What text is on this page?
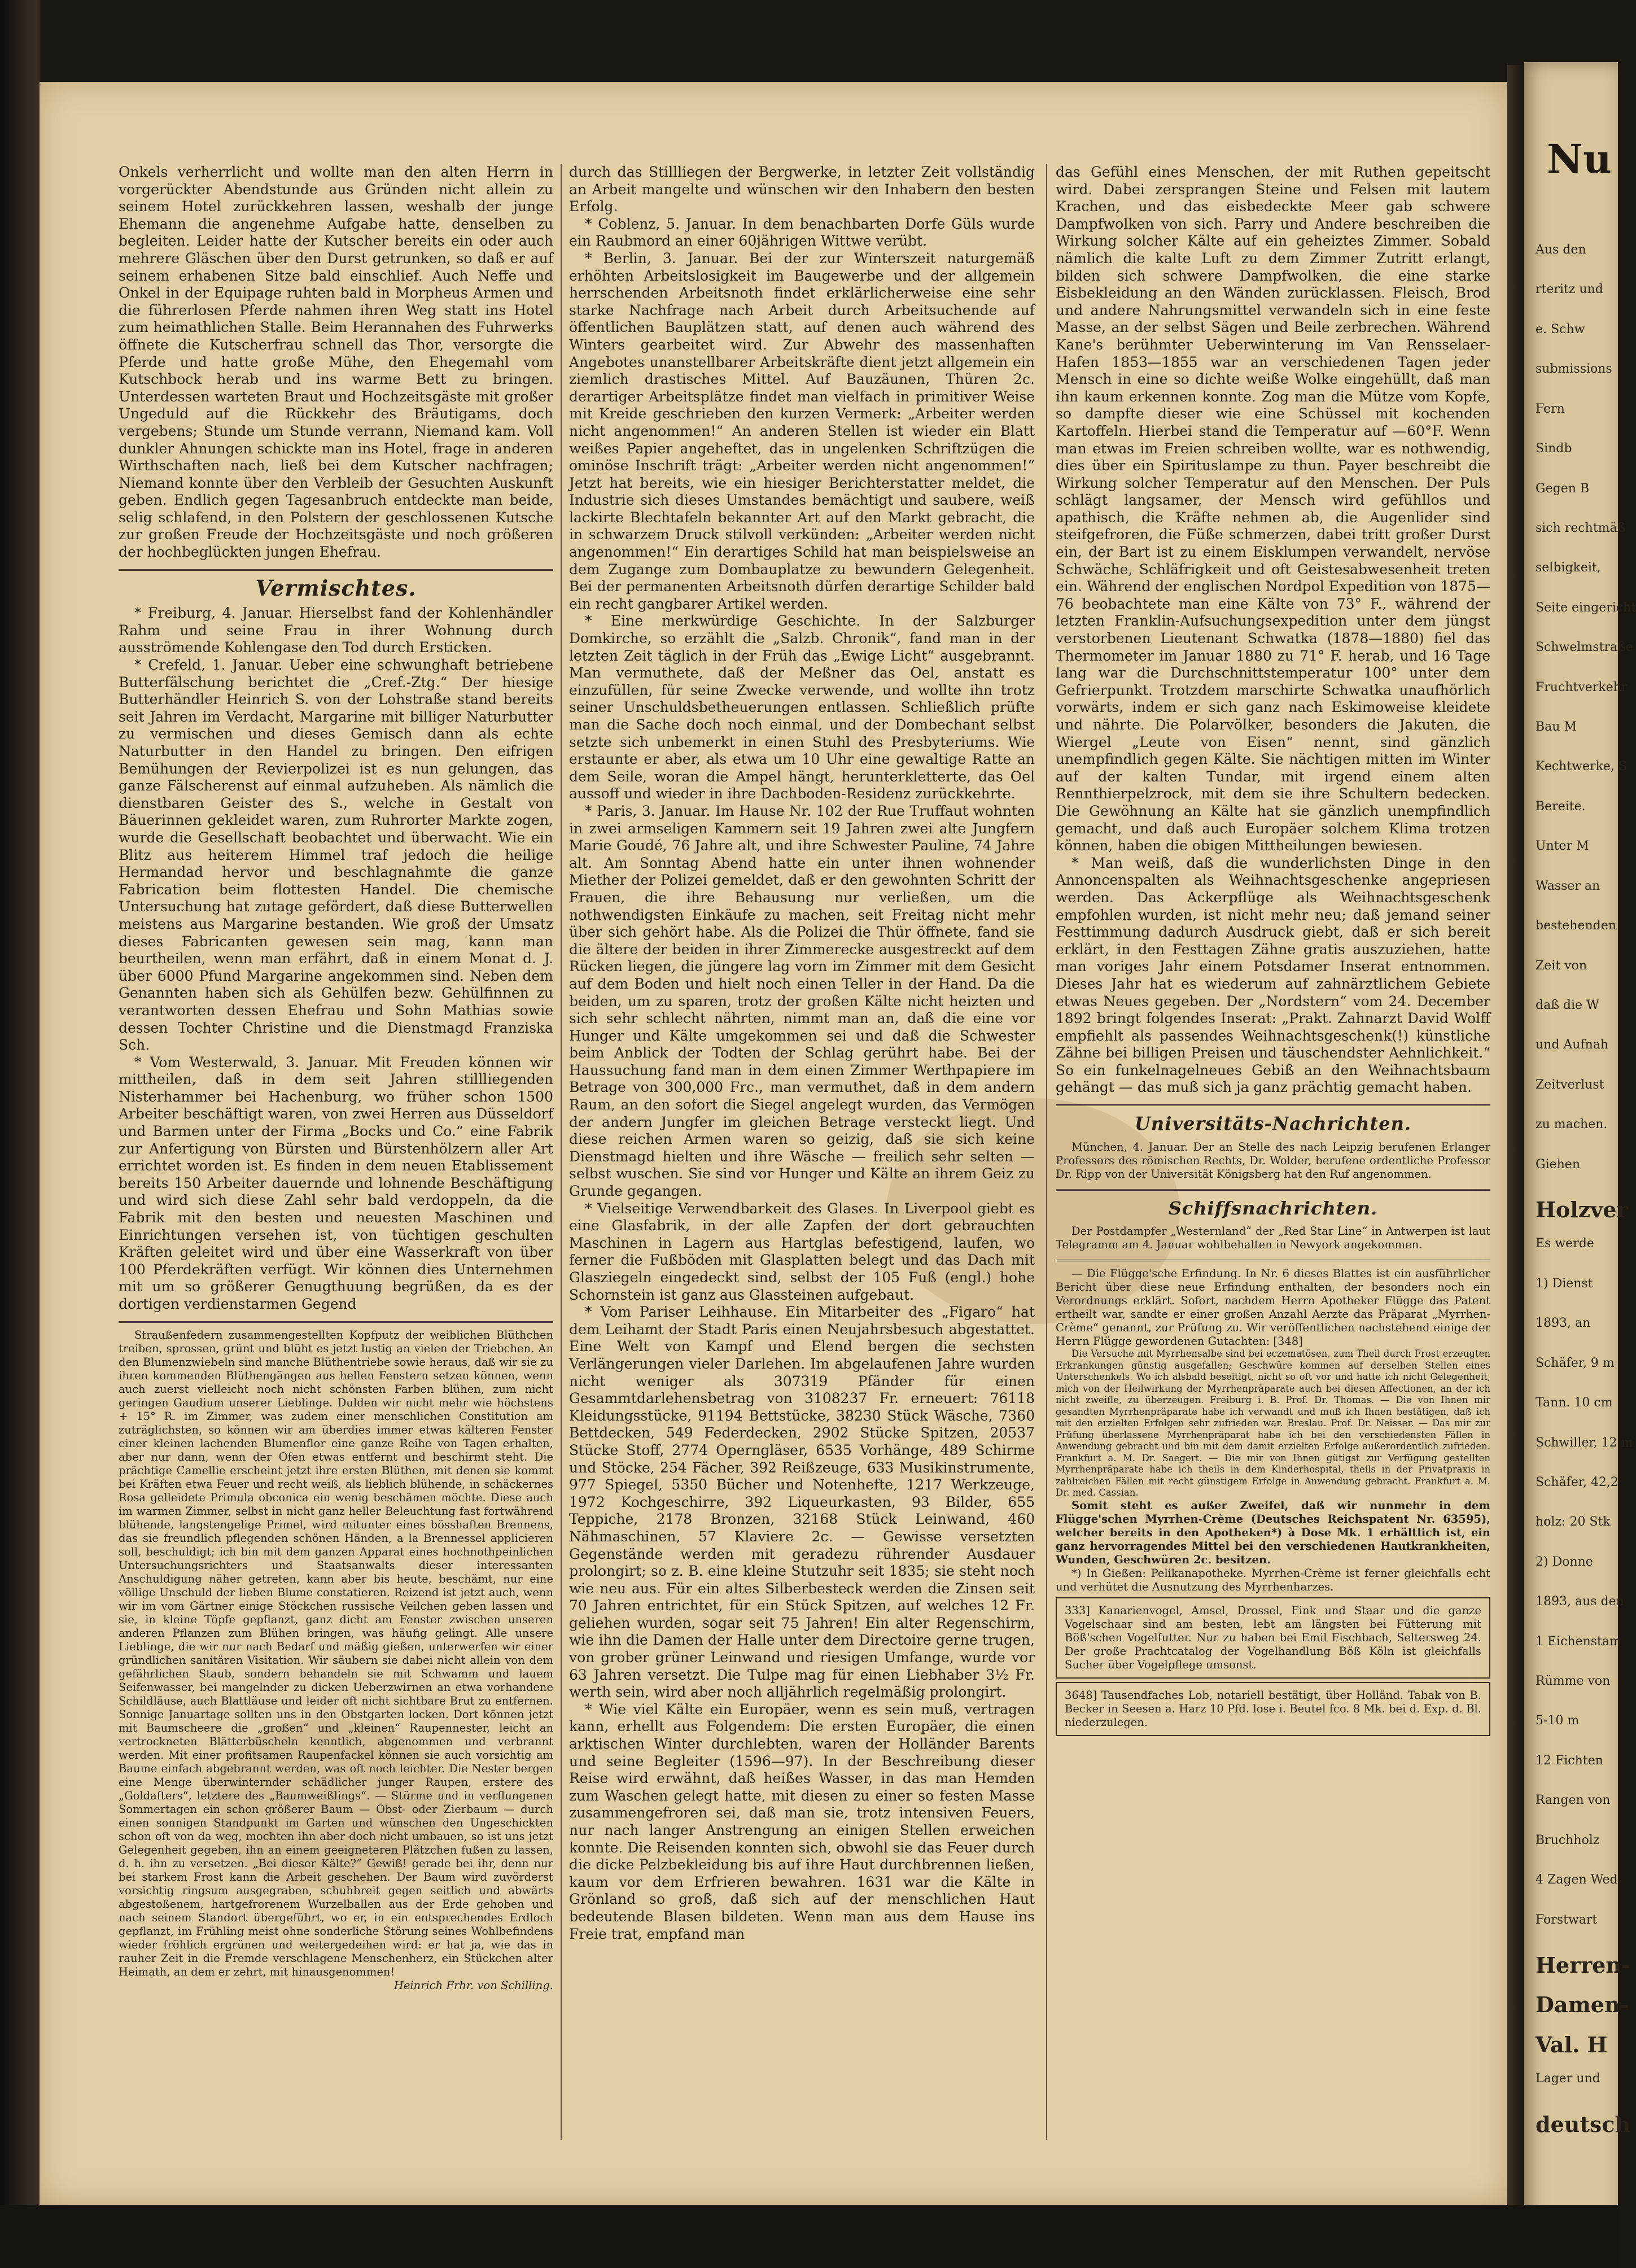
Onkels verherrlicht und wollte man den alten Herrn in vorgerückter Abendstunde aus Gründen nicht allein zu seinem Hotel zurückkehren lassen, weshalb der junge Ehemann die angenehme Aufgabe hatte, denselben zu begleiten. Leider hatte der Kutscher bereits ein oder auch mehrere Gläschen über den Durst getrunken, so daß er auf seinem erhabenen Sitze bald einschlief. Auch Neffe und Onkel in der Equipage ruhten bald in Morpheus Armen und die führerlosen Pferde nahmen ihren Weg statt ins Hotel zum heimathlichen Stalle. Beim Herannahen des Fuhrwerks öffnete die Kutscherfrau schnell das Thor, versorgte die Pferde und hatte große Mühe, den Ehegemahl vom Kutschbock herab und ins warme Bett zu bringen. Unterdessen warteten Braut und Hochzeitsgäste mit großer Ungeduld auf die Rückkehr des Bräutigams, doch vergebens; Stunde um Stunde verrann, Niemand kam. Voll dunkler Ahnungen schickte man ins Hotel, frage in anderen Wirthschaften nach, ließ bei dem Kutscher nachfragen; Niemand konnte über den Verbleib der Gesuchten Auskunft geben. Endlich gegen Tagesanbruch entdeckte man beide, selig schlafend, in den Polstern der geschlossenen Kutsche zur großen Freude der Hochzeitsgäste und noch größeren der hochbeglückten jungen Ehefrau.

Vermischtes.

* Freiburg, 4. Januar. Hierselbst fand der Kohlenhändler Rahm und seine Frau in ihrer Wohnung durch ausströmende Kohlengase den Tod durch Ersticken.

* Crefeld, 1. Januar. Ueber eine schwunghaft betriebene Butterfälschung berichtet die „Cref.-Ztg.“ Der hiesige Butterhändler Heinrich S. von der Lohstraße stand bereits seit Jahren im Verdacht, Margarine mit billiger Naturbutter zu vermischen und dieses Gemisch dann als echte Naturbutter in den Handel zu bringen. Den eifrigen Bemühungen der Revierpolizei ist es nun gelungen, das ganze Fälscherenst auf einmal aufzuheben. Als nämlich die dienstbaren Geister des S., welche in Gestalt von Bäuerinnen gekleidet waren, zum Ruhrorter Markte zogen, wurde die Gesellschaft beobachtet und überwacht. Wie ein Blitz aus heiterem Himmel traf jedoch die heilige Hermandad hervor und beschlagnahmte die ganze Fabrication beim flottesten Handel. Die chemische Untersuchung hat zutage gefördert, daß diese Butterwellen meistens aus Margarine bestanden. Wie groß der Umsatz dieses Fabricanten gewesen sein mag, kann man beurtheilen, wenn man erfährt, daß in einem Monat d. J. über 6000 Pfund Margarine angekommen sind. Neben dem Genannten haben sich als Gehülfen bezw. Gehülfinnen zu verantworten dessen Ehefrau und Sohn Mathias sowie dessen Tochter Christine und die Dienstmagd Franziska Sch.

* Vom Westerwald, 3. Januar. Mit Freuden können wir mittheilen, daß in dem seit Jahren stillliegenden Nisterhammer bei Hachenburg, wo früher schon 1500 Arbeiter beschäftigt waren, von zwei Herren aus Düsseldorf und Barmen unter der Firma „Bocks und Co.“ eine Fabrik zur Anfertigung von Bürsten und Bürstenhölzern aller Art errichtet worden ist. Es finden in dem neuen Etablissement bereits 150 Arbeiter dauernde und lohnende Beschäftigung und wird sich diese Zahl sehr bald verdoppeln, da die Fabrik mit den besten und neuesten Maschinen und Einrichtungen versehen ist, von tüchtigen geschulten Kräften geleitet wird und über eine Wasserkraft von über 100 Pferdekräften verfügt. Wir können dies Unternehmen mit um so größerer Genugthuung begrüßen, da es der dortigen verdienstarmen Gegend

Straußenfedern zusammengestellten Kopfputz der weiblichen Blüthchen treiben, sprossen, grünt und blüht es jetzt lustig an vielen der Triebchen. An den Blumenzwiebeln sind manche Blüthentriebe sowie heraus, daß wir sie zu ihren kommenden Blüthengängen aus hellen Fenstern setzen können, wenn auch zuerst vielleicht noch nicht schönsten Farben blühen, zum nicht geringen Gaudium unserer Lieblinge. Dulden wir nicht mehr wie höchstens + 15° R. im Zimmer, was zudem einer menschlichen Constitution am zuträglichsten, so können wir am überdies immer etwas kälteren Fenster einer kleinen lachenden Blumenflor eine ganze Reihe von Tagen erhalten, aber nur dann, wenn der Ofen etwas entfernt und beschirmt steht. Die prächtige Camellie erscheint jetzt ihre ersten Blüthen, mit denen sie kommt bei Kräften etwa Feuer und recht weiß, als lieblich blühende, in schäckernes Rosa gelleidete Primula obconica ein wenig beschämen möchte. Diese auch im warmen Zimmer, selbst in nicht ganz heller Beleuchtung fast fortwährend blühende, langstengelige Primel, wird mitunter eines bösshaften Brennens, das sie freundlich pflegenden schönen Händen, a la Brennessel applicieren soll, beschuldigt; ich bin mit dem ganzen Apparat eines hochnothpeinlichen Untersuchungsrichters und Staatsanwalts dieser interessanten Anschuldigung näher getreten, kann aber bis heute, beschämt, nur eine völlige Unschuld der lieben Blume constatieren. Reizend ist jetzt auch, wenn wir im vom Gärtner einige Stöckchen russische Veilchen geben lassen und sie, in kleine Töpfe gepflanzt, ganz dicht am Fenster zwischen unseren anderen Pflanzen zum Blühen bringen, was häufig gelingt. Alle unsere Lieblinge, die wir nur nach Bedarf und mäßig gießen, unterwerfen wir einer gründlichen sanitären Visitation. Wir säubern sie dabei nicht allein von dem gefährlichen Staub, sondern behandeln sie mit Schwamm und lauem Seifenwasser, bei mangelnder zu dicken Ueberzwirnen an etwa vorhandene Schildläuse, auch Blattläuse und leider oft nicht sichtbare Brut zu entfernen. Sonnige Januartage sollten uns in den Obstgarten locken. Dort können jetzt mit Baumscheere die „großen“ und „kleinen“ Raupennester, leicht an vertrockneten Blätterbüscheln kenntlich, abgenommen und verbrannt werden. Mit einer profitsamen Raupenfackel können sie auch vorsichtig am Baume einfach abgebrannt werden, was oft noch leichter. Die Nester bergen eine Menge überwinternder schädlicher junger Raupen, erstere des „Goldafters“, letztere des „Baumweißlings“. — Stürme und in verflungenen Sommertagen ein schon größerer Baum — Obst- oder Zierbaum — durch einen sonnigen Standpunkt im Garten und wünschen den Ungeschickten schon oft von da weg, mochten ihn aber doch nicht umbauen, so ist uns jetzt Gelegenheit gegeben, ihn an einem geeigneteren Plätzchen fußen zu lassen, d. h. ihn zu versetzen. „Bei dieser Kälte?“ Gewiß! gerade bei ihr, denn nur bei starkem Frost kann die Arbeit geschehen. Der Baum wird zuvörderst vorsichtig ringsum ausgegraben, schuhbreit gegen seitlich und abwärts abgestoßenem, hartgefrorenem Wurzelballen aus der Erde gehoben und nach seinem Standort übergeführt, wo er, in ein entsprechendes Erdloch gepflanzt, im Frühling meist ohne sonderliche Störung seines Wohlbefindens wieder fröhlich ergrünen und weitergedeihen wird: er hat ja, wie das in rauher Zeit in die Fremde verschlagene Menschenherz, ein Stückchen alter Heimath, an dem er zehrt, mit hinausgenommen!

Heinrich Frhr. von Schilling.

durch das Stillliegen der Bergwerke, in letzter Zeit vollständig an Arbeit mangelte und wünschen wir den Inhabern den besten Erfolg.

* Coblenz, 5. Januar. In dem benachbarten Dorfe Güls wurde ein Raubmord an einer 60jährigen Wittwe verübt.

* Berlin, 3. Januar. Bei der zur Winterszeit naturgemäß erhöhten Arbeitslosigkeit im Baugewerbe und der allgemein herrschenden Arbeitsnoth findet erklärlicherweise eine sehr starke Nachfrage nach Arbeit durch Arbeitsuchende auf öffentlichen Bauplätzen statt, auf denen auch während des Winters gearbeitet wird. Zur Abwehr des massenhaften Angebotes unanstellbarer Arbeitskräfte dient jetzt allgemein ein ziemlich drastisches Mittel. Auf Bauzäunen, Thüren 2c. derartiger Arbeitsplätze findet man vielfach in primitiver Weise mit Kreide geschrieben den kurzen Vermerk: „Arbeiter werden nicht angenommen!“ An anderen Stellen ist wieder ein Blatt weißes Papier angeheftet, das in ungelenken Schriftzügen die ominöse Inschrift trägt: „Arbeiter werden nicht angenommen!“ Jetzt hat bereits, wie ein hiesiger Berichterstatter meldet, die Industrie sich dieses Umstandes bemächtigt und saubere, weiß lackirte Blechtafeln bekannter Art auf den Markt gebracht, die in schwarzem Druck stilvoll verkünden: „Arbeiter werden nicht angenommen!“ Ein derartiges Schild hat man beispielsweise an dem Zugange zum Dombauplatze zu bewundern Gelegenheit. Bei der permanenten Arbeitsnoth dürfen derartige Schilder bald ein recht gangbarer Artikel werden.

* Eine merkwürdige Geschichte. In der Salzburger Domkirche, so erzählt die „Salzb. Chronik“, fand man in der letzten Zeit täglich in der Früh das „Ewige Licht“ ausgebrannt. Man vermuthete, daß der Meßner das Oel, anstatt es einzufüllen, für seine Zwecke verwende, und wollte ihn trotz seiner Unschuldsbetheuerungen entlassen. Schließlich prüfte man die Sache doch noch einmal, und der Dombechant selbst setzte sich unbemerkt in einen Stuhl des Presbyteriums. Wie erstaunte er aber, als etwa um 10 Uhr eine gewaltige Ratte an dem Seile, woran die Ampel hängt, herunterkletterte, das Oel aussoff und wieder in ihre Dachboden-Residenz zurückkehrte.

* Paris, 3. Januar. Im Hause Nr. 102 der Rue Truffaut wohnten in zwei armseligen Kammern seit 19 Jahren zwei alte Jungfern Marie Goudé, 76 Jahre alt, und ihre Schwester Pauline, 74 Jahre alt. Am Sonntag Abend hatte ein unter ihnen wohnender Miether der Polizei gemeldet, daß er den gewohnten Schritt der Frauen, die ihre Behausung nur verließen, um die nothwendigsten Einkäufe zu machen, seit Freitag nicht mehr über sich gehört habe. Als die Polizei die Thür öffnete, fand sie die ältere der beiden in ihrer Zimmerecke ausgestreckt auf dem Rücken liegen, die jüngere lag vorn im Zimmer mit dem Gesicht auf dem Boden und hielt noch einen Teller in der Hand. Da die beiden, um zu sparen, trotz der großen Kälte nicht heizten und sich sehr schlecht nährten, nimmt man an, daß die eine vor Hunger und Kälte umgekommen sei und daß die Schwester beim Anblick der Todten der Schlag gerührt habe. Bei der Haussuchung fand man in dem einen Zimmer Werthpapiere im Betrage von 300,000 Frc., man vermuthet, daß in dem andern Raum, an den sofort die Siegel angelegt wurden, das Vermögen der andern Jungfer im gleichen Betrage versteckt liegt. Und diese reichen Armen waren so geizig, daß sie sich keine Dienstmagd hielten und ihre Wäsche — freilich sehr selten — selbst wuschen. Sie sind vor Hunger und Kälte an ihrem Geiz zu Grunde gegangen.

* Vielseitige Verwendbarkeit des Glases. In Liverpool giebt es eine Glasfabrik, in der alle Zapfen der dort gebrauchten Maschinen in Lagern aus Hartglas befestigend, laufen, wo ferner die Fußböden mit Glasplatten belegt und das Dach mit Glasziegeln eingedeckt sind, selbst der 105 Fuß (engl.) hohe Schornstein ist ganz aus Glassteinen aufgebaut.

* Vom Pariser Leihhause. Ein Mitarbeiter des „Figaro“ hat dem Leihamt der Stadt Paris einen Neujahrsbesuch abgestattet. Eine Welt von Kampf und Elend bergen die sechsten Verlängerungen vieler Darlehen. Im abgelaufenen Jahre wurden nicht weniger als 307319 Pfänder für einen Gesammtdarlehensbetrag von 3108237 Fr. erneuert: 76118 Kleidungsstücke, 91194 Bettstücke, 38230 Stück Wäsche, 7360 Bettdecken, 549 Federdecken, 2902 Stücke Spitzen, 20537 Stücke Stoff, 2774 Operngläser, 6535 Vorhänge, 489 Schirme und Stöcke, 254 Fächer, 392 Reißzeuge, 633 Musikinstrumente, 977 Spiegel, 5350 Bücher und Notenhefte, 1217 Werkzeuge, 1972 Kochgeschirre, 392 Liqueurkasten, 93 Bilder, 655 Teppiche, 2178 Bronzen, 32168 Stück Leinwand, 460 Nähmaschinen, 57 Klaviere 2c. — Gewisse versetzten Gegenstände werden mit geradezu rührender Ausdauer prolongirt; so z. B. eine kleine Stutzuhr seit 1835; sie steht noch wie neu aus. Für ein altes Silberbesteck werden die Zinsen seit 70 Jahren entrichtet, für ein Stück Spitzen, auf welches 12 Fr. geliehen wurden, sogar seit 75 Jahren! Ein alter Regenschirm, wie ihn die Damen der Halle unter dem Directoire gerne trugen, von grober grüner Leinwand und riesigen Umfange, wurde vor 63 Jahren versetzt. Die Tulpe mag für einen Liebhaber 3½ Fr. werth sein, wird aber noch alljährlich regelmäßig prolongirt.

* Wie viel Kälte ein Europäer, wenn es sein muß, vertragen kann, erhellt aus Folgendem: Die ersten Europäer, die einen arktischen Winter durchlebten, waren der Holländer Barents und seine Begleiter (1596—97). In der Beschreibung dieser Reise wird erwähnt, daß heißes Wasser, in das man Hemden zum Waschen gelegt hatte, mit diesen zu einer so festen Masse zusammengefroren sei, daß man sie, trotz intensiven Feuers, nur nach langer Anstrengung an einigen Stellen erweichen konnte. Die Reisenden konnten sich, obwohl sie das Feuer durch die dicke Pelzbekleidung bis auf ihre Haut durchbrennen ließen, kaum vor dem Erfrieren bewahren. 1631 war die Kälte in Grönland so groß, daß sich auf der menschlichen Haut bedeutende Blasen bildeten. Wenn man aus dem Hause ins Freie trat, empfand man

das Gefühl eines Menschen, der mit Ruthen gepeitscht wird. Dabei zersprangen Steine und Felsen mit lautem Krachen, und das eisbedeckte Meer gab schwere Dampfwolken von sich. Parry und Andere beschreiben die Wirkung solcher Kälte auf ein geheiztes Zimmer. Sobald nämlich die kalte Luft zu dem Zimmer Zutritt erlangt, bilden sich schwere Dampfwolken, die eine starke Eisbekleidung an den Wänden zurücklassen. Fleisch, Brod und andere Nahrungsmittel verwandeln sich in eine feste Masse, an der selbst Sägen und Beile zerbrechen. Während Kane's berühmter Ueberwinterung im Van Rensselaer-Hafen 1853—1855 war an verschiedenen Tagen jeder Mensch in eine so dichte weiße Wolke eingehüllt, daß man ihn kaum erkennen konnte. Zog man die Mütze vom Kopfe, so dampfte dieser wie eine Schüssel mit kochenden Kartoffeln. Hierbei stand die Temperatur auf —60°F. Wenn man etwas im Freien schreiben wollte, war es nothwendig, dies über ein Spirituslampe zu thun. Payer beschreibt die Wirkung solcher Temperatur auf den Menschen. Der Puls schlägt langsamer, der Mensch wird gefühllos und apathisch, die Kräfte nehmen ab, die Augenlider sind steifgefroren, die Füße schmerzen, dabei tritt großer Durst ein, der Bart ist zu einem Eisklumpen verwandelt, nervöse Schwäche, Schläfrigkeit und oft Geistesabwesenheit treten ein. Während der englischen Nordpol Expedition von 1875—76 beobachtete man eine Kälte von 73° F., während der letzten Franklin-Aufsuchungsexpedition unter dem jüngst verstorbenen Lieutenant Schwatka (1878—1880) fiel das Thermometer im Januar 1880 zu 71° F. herab, und 16 Tage lang war die Durchschnittstemperatur 100° unter dem Gefrierpunkt. Trotzdem marschirte Schwatka unaufhörlich vorwärts, indem er sich ganz nach Eskimoweise kleidete und nährte. Die Polarvölker, besonders die Jakuten, die Wiergel „Leute von Eisen“ nennt, sind gänzlich unempfindlich gegen Kälte. Sie nächtigen mitten im Winter auf der kalten Tundar, mit irgend einem alten Rennthierpelzrock, mit dem sie ihre Schultern bedecken. Die Gewöhnung an Kälte hat sie gänzlich unempfindlich gemacht, und daß auch Europäer solchem Klima trotzen können, haben die obigen Mittheilungen bewiesen.

* Man weiß, daß die wunderlichsten Dinge in den Annoncenspalten als Weihnachtsgeschenke angepriesen werden. Das Ackerpflüge als Weihnachtsgeschenk empfohlen wurden, ist nicht mehr neu; daß jemand seiner Festtimmung dadurch Ausdruck giebt, daß er sich bereit erklärt, in den Festtagen Zähne gratis auszuziehen, hatte man voriges Jahr einem Potsdamer Inserat entnommen. Dieses Jahr hat es wiederum auf zahnärztlichem Gebiete etwas Neues gegeben. Der „Nordstern“ vom 24. December 1892 bringt folgendes Inserat: „Prakt. Zahnarzt David Wolff empfiehlt als passendes Weihnachtsgeschenk(!) künstliche Zähne bei billigen Preisen und täuschendster Aehnlichkeit.“ So ein funkelnagelneues Gebiß an den Weihnachtsbaum gehängt — das muß sich ja ganz prächtig gemacht haben.

Universitäts-Nachrichten.

München, 4. Januar. Der an Stelle des nach Leipzig berufenen Erlanger Professors des römischen Rechts, Dr. Wolder, berufene ordentliche Professor Dr. Ripp von der Universität Königsberg hat den Ruf angenommen.

Schiffsnachrichten.

Der Postdampfer „Westernland“ der „Red Star Line“ in Antwerpen ist laut Telegramm am 4. Januar wohlbehalten in Newyork angekommen.

— Die Flügge'sche Erfindung. In Nr. 6 dieses Blattes ist ein ausführlicher Bericht über diese neue Erfindung enthalten, der besonders noch ein Verordnungs erklärt. Sofort, nachdem Herrn Apotheker Flügge das Patent ertheilt war, sandte er einer großen Anzahl Aerzte das Präparat „Myrrhen-Crème“ genannt, zur Prüfung zu. Wir veröffentlichen nachstehend einige der Herrn Flügge gewordenen Gutachten: [348]

Die Versuche mit Myrrhensalbe sind bei eczematösen, zum Theil durch Frost erzeugten Erkrankungen günstig ausgefallen; Geschwüre kommen auf derselben Stellen eines Unterschenkels. Wo ich alsbald beseitigt, nicht so oft vor und hatte ich nicht Gelegenheit, mich von der Heilwirkung der Myrrhenpräparate auch bei diesen Affectionen, an der ich nicht zweifle, zu überzeugen. Freiburg i. B. Prof. Dr. Thomas. — Die von Ihnen mir gesandten Myrrhenpräparate habe ich verwandt und muß ich Ihnen bestätigen, daß ich mit den erzielten Erfolgen sehr zufrieden war. Breslau. Prof. Dr. Neisser. — Das mir zur Prüfung überlassene Myrrhenpräparat habe ich bei den verschiedensten Fällen in Anwendung gebracht und bin mit dem damit erzielten Erfolge außerordentlich zufrieden. Frankfurt a. M. Dr. Saegert. — Die mir von Ihnen gütigst zur Verfügung gestellten Myrrhenpräparate habe ich theils in dem Kinderhospital, theils in der Privatpraxis in zahlreichen Fällen mit recht günstigem Erfolge in Anwendung gebracht. Frankfurt a. M. Dr. med. Cassian.

Somit steht es außer Zweifel, daß wir nunmehr in dem Flügge'schen Myrrhen-Crème (Deutsches Reichspatent Nr. 63595), welcher bereits in den Apotheken*) à Dose Mk. 1 erhältlich ist, ein ganz hervorragendes Mittel bei den verschiedenen Hautkrankheiten, Wunden, Geschwüren 2c. besitzen.

*) In Gießen: Pelikanapotheke. Myrrhen-Crème ist ferner gleichfalls echt und verhütet die Ausnutzung des Myrrhenharzes.

333] Kanarienvogel, Amsel, Drossel, Fink und Staar und die ganze Vogelschaar sind am besten, lebt am längsten bei Fütterung mit Böß'schen Vogelfutter. Nur zu haben bei Emil Fischbach, Seltersweg 24. Der große Prachtcatalog der Vogelhandlung Böß Köln ist gleichfalls Sucher über Vogelpflege umsonst.
3648] Tausendfaches Lob, notariell bestätigt, über Holländ. Tabak von B. Becker in Seesen a. Harz 10 Pfd. lose i. Beutel fco. 8 Mk. bei d. Exp. d. Bl. niederzulegen.
Nu
Aus den
rteritz und
e. Schw
submissions
Fern
Sindb
Gegen B
sich rechtmäß
selbigkeit,
Seite eingericht
Schwelmstraße
Fruchtverkehr
Bau M
Kechtwerke, S
Bereite.
Unter M
Wasser an
bestehenden
Zeit von
daß die W
und Aufnah
Zeitverlust
zu machen.
Giehen
Holzver
Es werde
1) Dienst
1893, an
Schäfer, 9 m
Tann. 10 cm
Schwiller, 12 m
Schäfer, 42,2
holz: 20 Stk
2) Donne
1893, aus den
1 Eichenstam
Rümme von
5-10 m
12 Fichten
Rangen von
Bruchholz
4 Zagen Wed
Forstwart
Herren-
Damen-
Val. H
Lager und
deutsch
